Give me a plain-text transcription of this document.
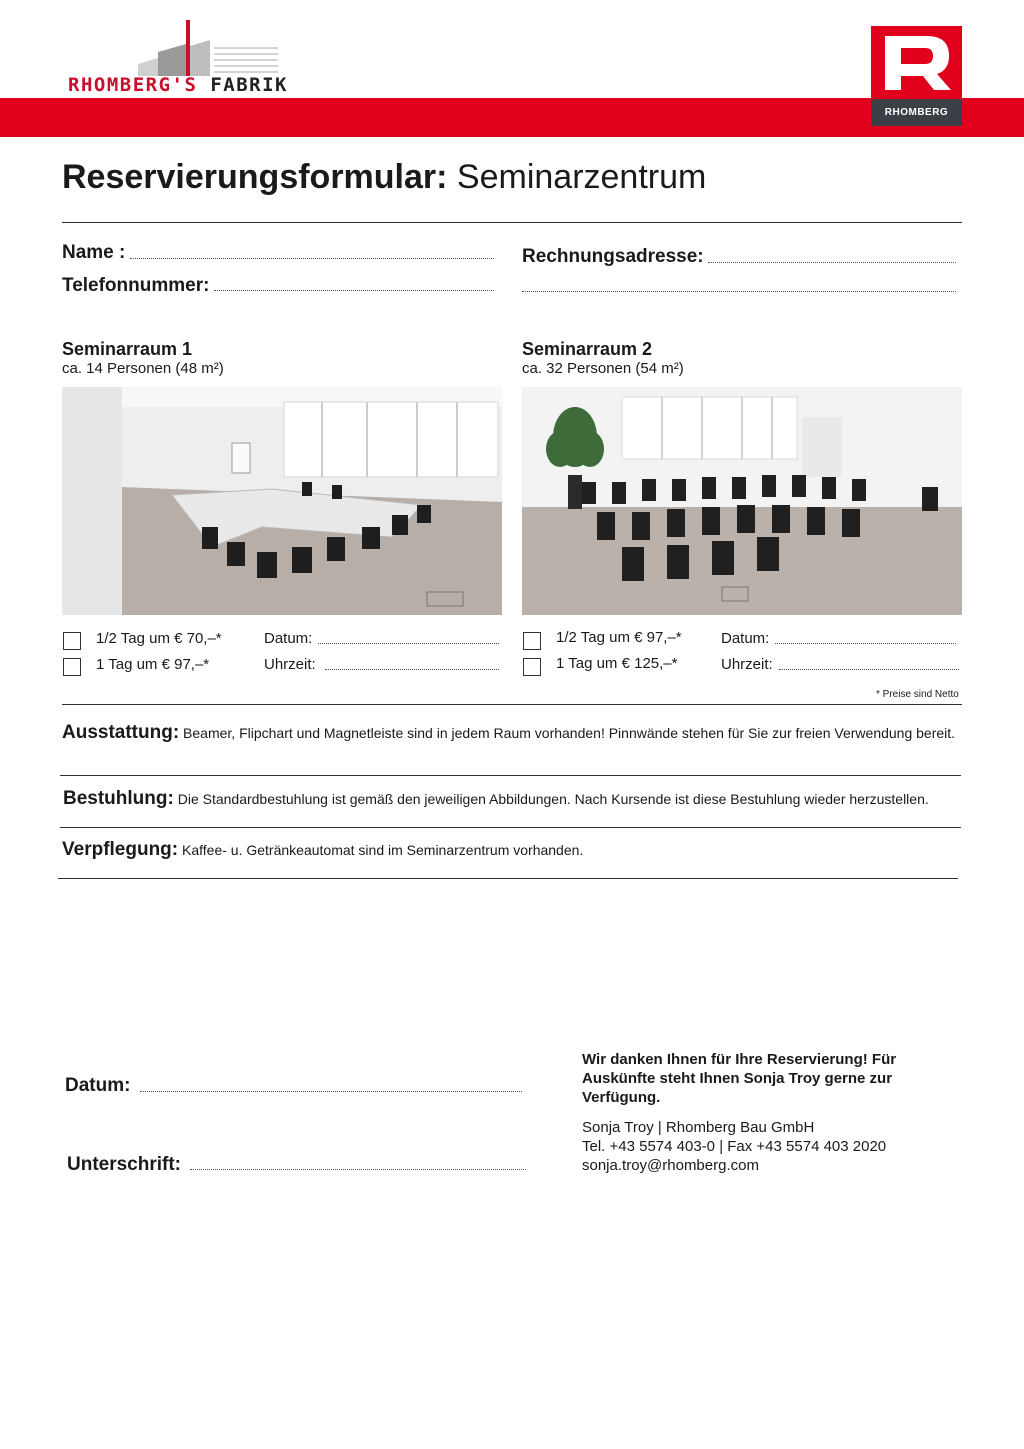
RHOMBERG'S FABRIK
RHOMBERG
Reservierungsformular: Seminarzentrum
Name :
Telefonnummer:
Rechnungsadresse:
Seminarraum 1
ca. 14 Personen (48 m²)
1/2 Tag um € 70,–*
1 Tag um € 97,–*
Datum:
Uhrzeit:
Seminarraum 2
ca. 32 Personen (54 m²)
1/2 Tag um € 97,–*
1 Tag um € 125,–*
Datum:
Uhrzeit:
* Preise sind Netto
Ausstattung: Beamer, Flipchart und Magnetleiste sind in jedem Raum vorhanden! Pinnwände stehen für Sie zur freien Verwendung bereit.
Bestuhlung: Die Standardbestuhlung ist gemäß den jeweiligen Abbildungen. Nach Kursende ist diese Bestuhlung wieder herzustellen.
Verpflegung: Kaffee- u. Getränkeautomat sind im Seminarzentrum vorhanden.
Datum:
Unterschrift:
Wir danken Ihnen für Ihre Reservierung! Für Auskünfte steht Ihnen Sonja Troy gerne zur Verfügung.
Sonja Troy | Rhomberg Bau GmbH
Tel. +43 5574 403-0 | Fax +43 5574 403 2020
sonja.troy@rhomberg.com
